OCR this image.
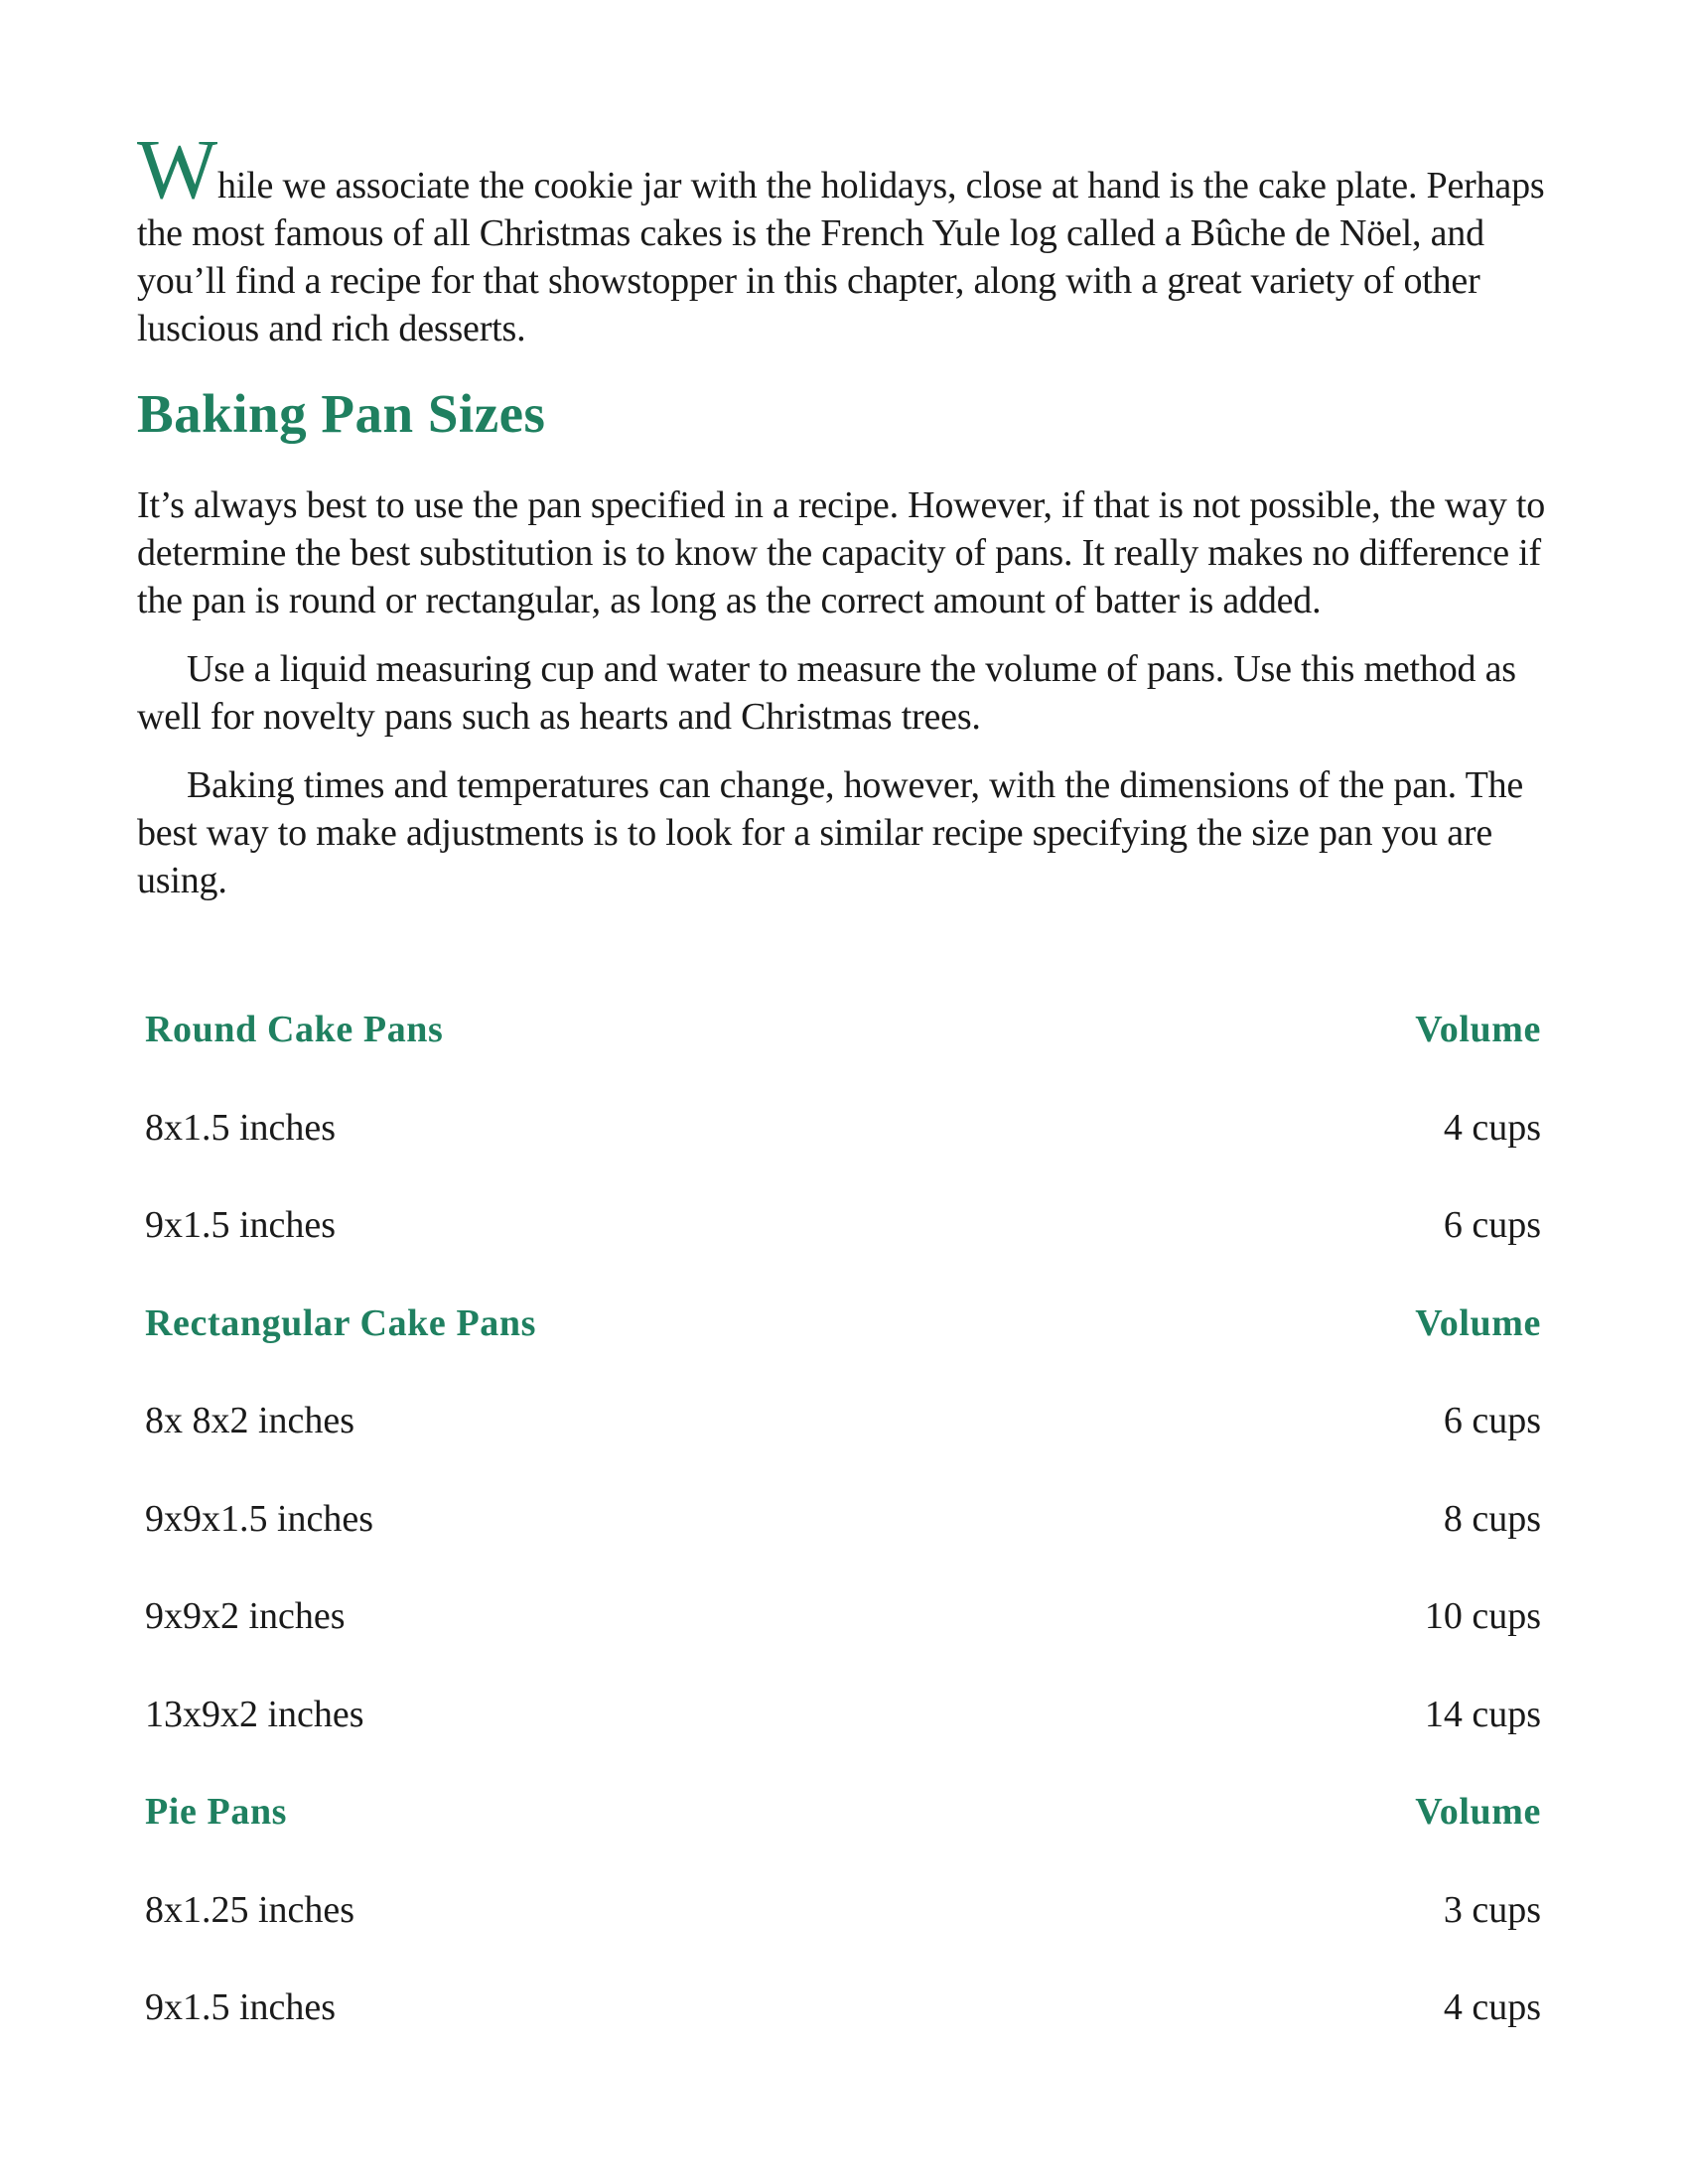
While we associate the cookie jar with the holidays, close at hand is the cake plate. Perhaps the most famous of all Christmas cakes is the French Yule log called a Bûche de Nöel, and you’ll find a recipe for that showstopper in this chapter, along with a great variety of other luscious and rich desserts.

Baking Pan Sizes

It’s always best to use the pan specified in a recipe. However, if that is not possible, the way to determine the best substitution is to know the capacity of pans. It really makes no difference if the pan is round or rectangular, as long as the correct amount of batter is added.

Use a liquid measuring cup and water to measure the volume of pans. Use this method as well for novelty pans such as hearts and Christmas trees.

Baking times and temperatures can change, however, with the dimensions of the pan. The best way to make adjustments is to look for a similar recipe specifying the size pan you are using.

Round Cake Pans	Volume
8x1.5 inches	4 cups
9x1.5 inches	6 cups
Rectangular Cake Pans	Volume
8x 8x2 inches	6 cups
9x9x1.5 inches	8 cups
9x9x2 inches	10 cups
13x9x2 inches	14 cups
Pie Pans	Volume
8x1.25 inches	3 cups
9x1.5 inches	4 cups
